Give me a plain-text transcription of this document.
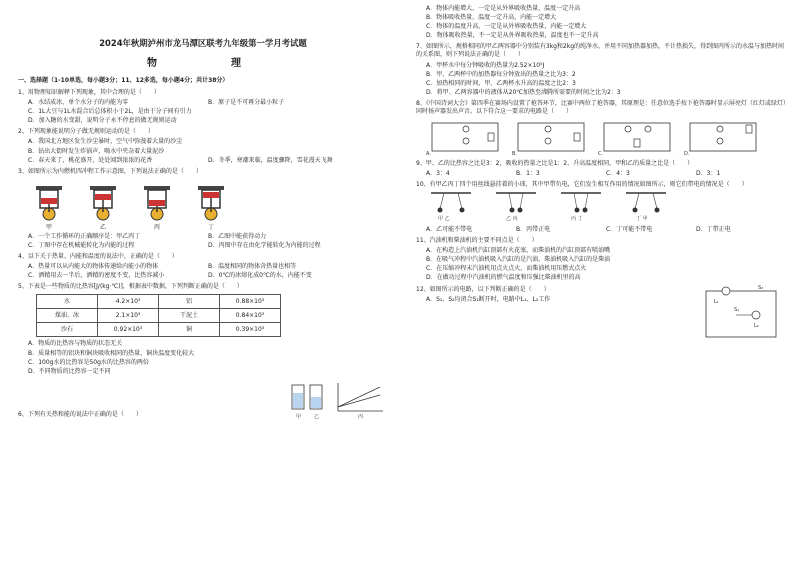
2024年秋期泸州市龙马潭区联考九年级第一学月考试题
物　　理
一、选择题（1-10单选，每小题3分；11、12多选，每小题4分；共计38分）
1、用物理知识解释下列现象，其中合理的是（　　）
A．水结成冰，单个水分子的内能为零	B．原子是不可再分最小粒子
C．1L大豆与1L水混合后总体积小于2L，是由于分子间有引力
D．加入糖的水变甜，说明分子永不停息的做无规则运动
2、下列现象能说明分子做无规则运动的是（　　）
A．我国北方地区发生沙尘暴时，空气中弥漫着大量的沙尘
B．钻出大街时发生炸锅声，喝水中夹杂着大量泥沙
C．春天来了，桃花盛开，处处闻到浓浓的花香	D．冬季，寒潮来临，温度骤降，雪花漫天飞舞
3、如图所示为内燃机四冲程工作示意图，下列说法正确的是（　　）
甲	乙	丙	丁
A．一个工作循环的正确顺序是：甲乙丙丁	B．乙图中能获得动力
C．丁图中存在机械能转化为内能的过程	D．丙图中存在由化学能转化为内能的过程
4、以下关于热量、内能和温度的说法中，正确的是（　　）
A．热量可以从内能大的物体传递给内能小的物体	B．温度相同的物体含热量也相等
C．洒精用去一半后，洒精的密度不变，比热容减小	D．0℃的冰熔化成0℃的水，内能不变
5、下表是一些物质的比热容[J/(kg·℃)]，根据表中数据，下列判断正确的是（　　）
水	4.2×10³	铝	0.88×10³
煤油、冰	2.1×10³	干泥土	0.84×10³
沙石	0.92×10³	铜	0.39×10³
A．物质的比热容与物质的状态无关
B．质量相等的铝块和铜块吸收相同的热量，铜块温度变化较大
C．100g水的比热容是50g水的比热容的两倍
D．不同物质的比热容一定不同
6、下列有关热和能的说法中正确的是（　　）	甲	乙	丙
A．物体内能增大，一定是从外界吸收热量，温度一定升高
B．物体吸收热量，温度一定升高，内能一定增大
C．物体的温度升高，一定是从外界吸收热量，内能一定增大
D．物体吸收热量，不一定是从外界吸收热量，温度也不一定升高
7、如图所示，规格相同的甲乙两容器中分别装有3kg和2kg的纯净水，并用不同加热器加热，不计热损失，得到图丙所示的水温与加热时间的关系图，则下列说法正确的是（　　）
A．甲杯水中每分钟吸收的热量为2.52×10⁵J
B．甲、乙两杯中的加热器每分钟放出的热量之比为3：2
C．加热相同的时间，甲、乙两杯水升高的温度之比2：3
D．将甲、乙两容器中的液体从20℃加热至沸腾所需要的时间之比为2：3
8、《中国诗词大会》第四季在赛场内设置了抢答环节，比赛中两位了抢答器，其原理是：任意位选手按下抢答器时显示屏亮灯（红灯或绿灯）同时扬声器发出声音。以下符合这一要求的电路是（　　）
A．	B．	C．	D．
9、甲、乙的比热容之比是3：2，吸收的热量之比是1：2，升高温度相同，甲和乙的质量之比是（　　）
A．3：4	B．1：3	C．4：3	D．3：1
10、有甲乙丙丁四个用丝线悬挂着的小球，其中甲带负电，它们发生相互作用的情况如图所示，则它们带电的情况是（　　）
甲 乙	乙 丙	丙 丁	丁 甲
A．乙可能不带电	B．丙带正电	C．丁可能不带电	D．丁带正电
11、汽油机和柴油机的主要不同点是（　　）
A．在构造上汽油机汽缸顶部有火花塞，而柴油机的汽缸顶部有喷油嘴
B．在吸气冲程中汽油机吸入汽缸的是汽油，柴油机吸入汽缸的是柴油
C．在压缩冲程末汽油机用点火点火，而柴油机用压燃式点火
D．在做功过程中汽油机的燃气温度和压强比柴油机里的高
12、如图所示的电路，以下判断正确的是（　　）
A．S₁、S₂均闭合S₁断开时，电路中L₁、L₂工作
S₂
L₁
S₁
L₂
